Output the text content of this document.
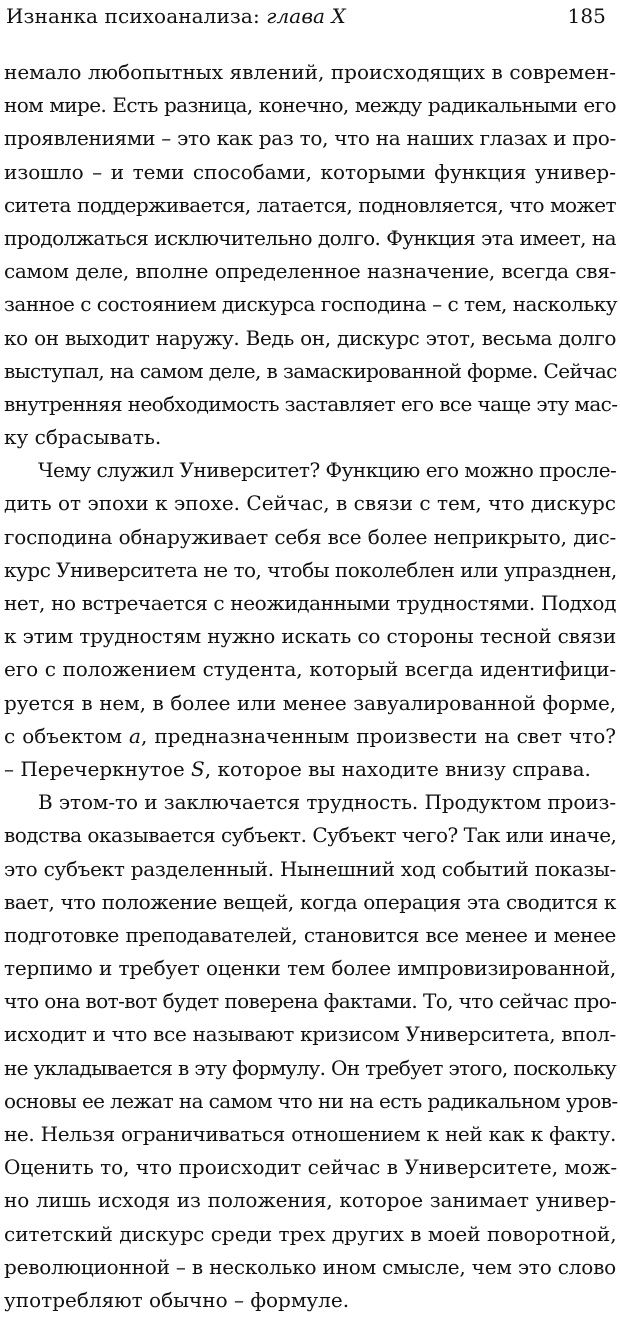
Изнанка психоанализа: глава X	185
немало любопытных явлений, происходящих в современ-
ном мире. Есть разница, конечно, между радикальными его
проявлениями – это как раз то, что на наших глазах и про-
изошло – и теми способами, которыми функция универ-
ситета поддерживается, латается, подновляется, что может
продолжаться исключительно долго. Функция эта имеет, на
самом деле, вполне определенное назначение, всегда свя-
занное с состоянием дискурса господина – с тем, наскольку
ко он выходит наружу. Ведь он, дискурс этот, весьма долго
выступал, на самом деле, в замаскированной форме. Сейчас
внутренняя необходимость заставляет его все чаще эту мас-
ку сбрасывать.
Чему служил Университет? Функцию его можно просле-
дить от эпохи к эпохе. Сейчас, в связи с тем, что дискурс
господина обнаруживает себя все более неприкрыто, дис-
курс Университета не то, чтобы поколеблен или упразднен,
нет, но встречается с неожиданными трудностями. Подход
к этим трудностям нужно искать со стороны тесной связи
его с положением студента, который всегда идентифици-
руется в нем, в более или менее завуалированной форме,
с объектом a, предназначенным произвести на свет что?
– Перечеркнутое S, которое вы находите внизу справа.
В этом-то и заключается трудность. Продуктом произ-
водства оказывается субъект. Субъект чего? Так или иначе,
это субъект разделенный. Нынешний ход событий показы-
вает, что положение вещей, когда операция эта сводится к
подготовке преподавателей, становится все менее и менее
терпимо и требует оценки тем более импровизированной,
что она вот-вот будет поверена фактами. То, что сейчас про-
исходит и что все называют кризисом Университета, впол-
не укладывается в эту формулу. Он требует этого, поскольку
основы ее лежат на самом что ни на есть радикальном уров-
не. Нельзя ограничиваться отношением к ней как к факту.
Оценить то, что происходит сейчас в Университете, мож-
но лишь исходя из положения, которое занимает универ-
ситетский дискурс среди трех других в моей поворотной,
революционной – в несколько ином смысле, чем это слово
употребляют обычно – формуле.
